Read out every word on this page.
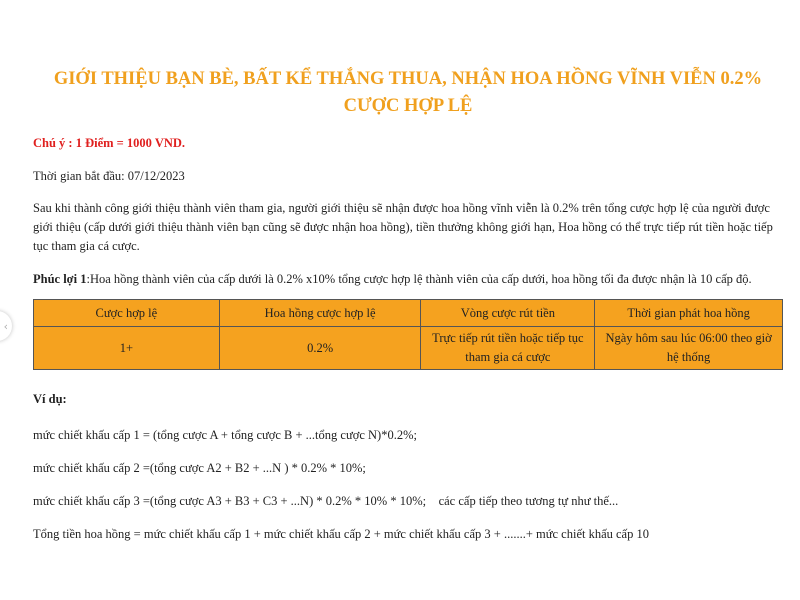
‹
GIỚI THIỆU BẠN BÈ, BẤT KỂ THẮNG THUA, NHẬN HOA HỒNG VĨNH VIỄN 0.2% CƯỢC HỢP LỆ

Chú ý : 1 Điểm = 1000 VND.

Thời gian bắt đầu: 07/12/2023

Sau khi thành công giới thiệu thành viên tham gia, người giới thiệu sẽ nhận được hoa hồng vĩnh viễn là 0.2% trên tổng cược hợp lệ của người được giới thiệu (cấp dưới giới thiệu thành viên bạn cũng sẽ được nhận hoa hồng), tiền thưởng không giới hạn, Hoa hồng có thể trực tiếp rút tiền hoặc tiếp tục tham gia cá cược.

Phúc lợi 1:Hoa hồng thành viên của cấp dưới là 0.2% x10% tổng cược hợp lệ thành viên của cấp dưới, hoa hồng tối đa được nhận là 10 cấp độ.

Cược hợp lệ	Hoa hồng cược hợp lệ	Vòng cược rút tiền	Thời gian phát hoa hồng
1+	0.2%	Trực tiếp rút tiền hoặc tiếp tục tham gia cá cược	Ngày hôm sau lúc 06:00 theo giờ hệ thống

Ví dụ:

mức chiết khấu cấp 1 = (tổng cược A + tổng cược B + ...tổng cược N)*0.2%;

mức chiết khấu cấp 2 =(tổng cược A2 + B2 + ...N ) * 0.2% * 10%;

mức chiết khấu cấp 3 =(tổng cược A3 + B3 + C3 + ...N) * 0.2% * 10% * 10%;    các cấp tiếp theo tương tự như thế...

Tổng tiền hoa hồng = mức chiết khấu cấp 1 + mức chiết khấu cấp 2 + mức chiết khấu cấp 3 + .......+ mức chiết khấu cấp 10
